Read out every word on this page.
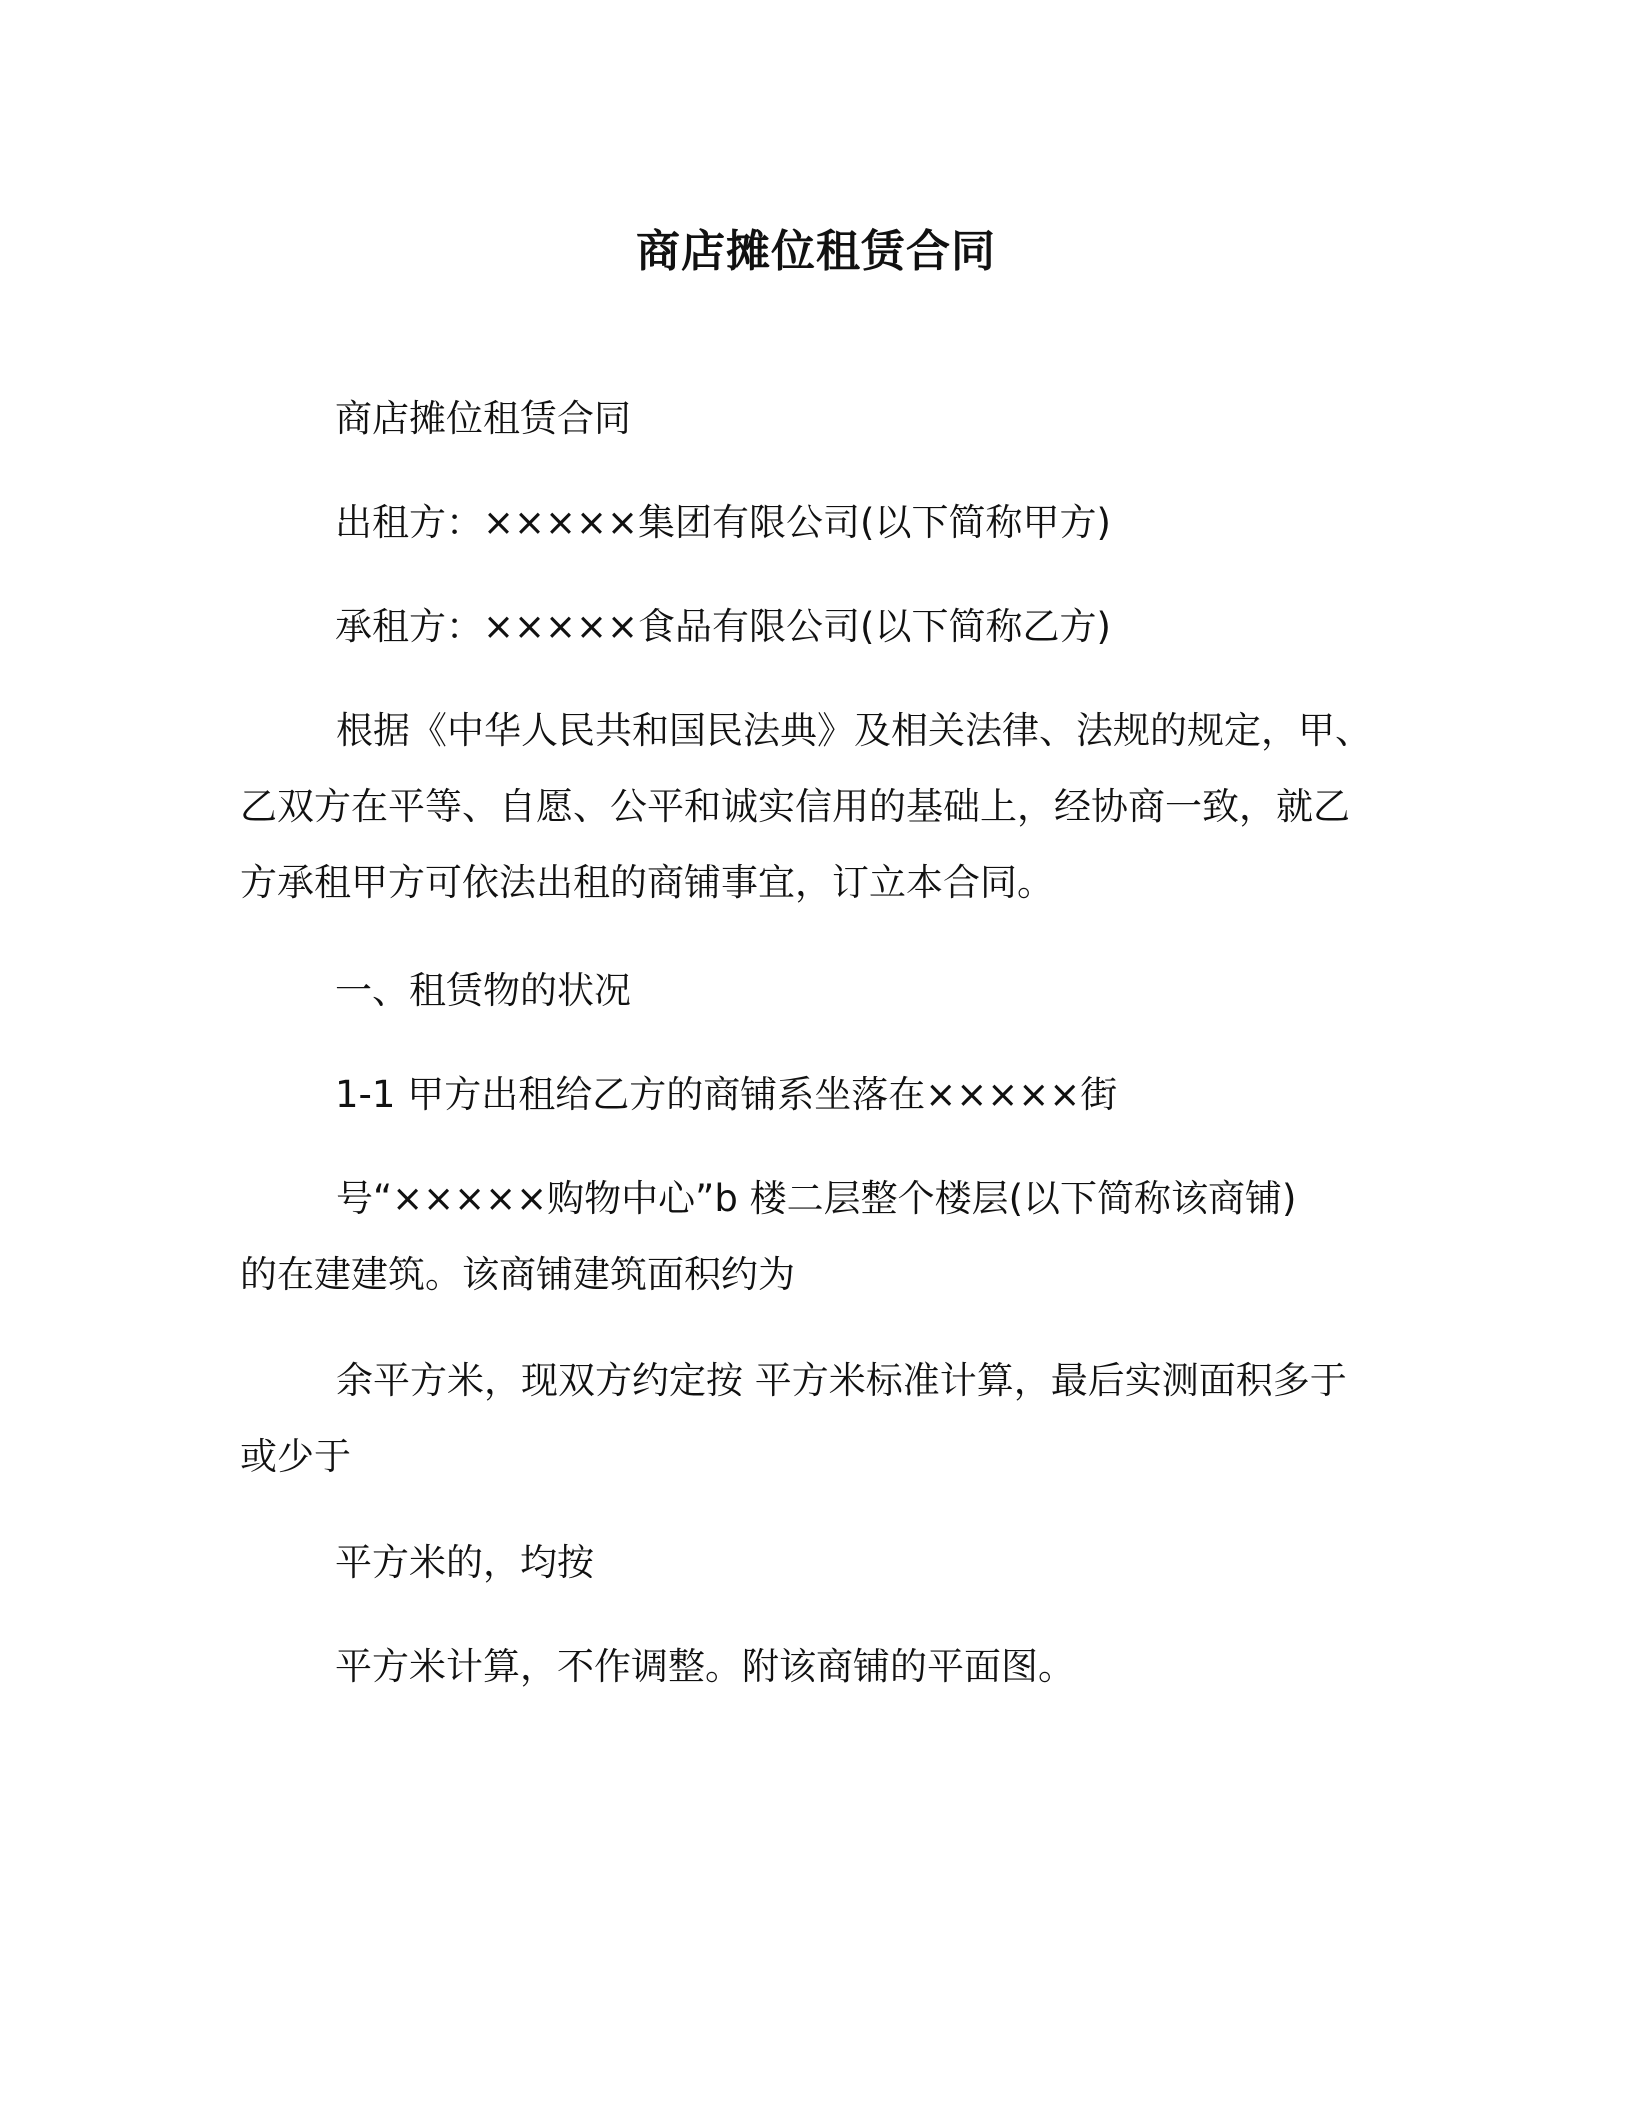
商店摊位租赁合同
商店摊位租赁合同
出租方：×××××集团有限公司(以下简称甲方)
承租方：×××××食品有限公司(以下简称乙方)
根据《中华人民共和国民法典》及相关法律、法规的规定，甲、
乙双方在平等、自愿、公平和诚实信用的基础上，经协商一致，就乙
方承租甲方可依法出租的商铺事宜，订立本合同。
一、租赁物的状况
1-1 甲方出租给乙方的商铺系坐落在×××××街
号“×××××购物中心”b 楼二层整个楼层(以下简称该商铺)
的在建建筑。该商铺建筑面积约为
余平方米，现双方约定按 平方米标准计算，最后实测面积多于
或少于
平方米的，均按
平方米计算，不作调整。附该商铺的平面图。
